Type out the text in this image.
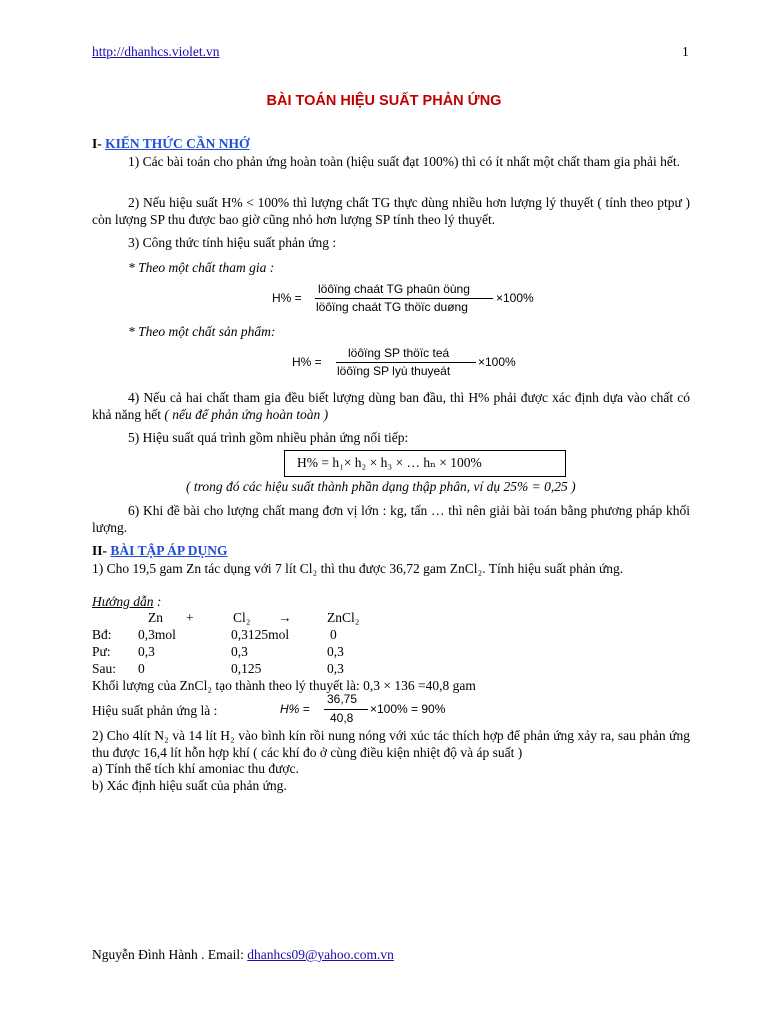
http://dhanhcs.violet.vn	1
BÀI TOÁN HIỆU SUẤT PHẢN ỨNG
I- KIẾN THỨC CẦN NHỚ
1) Các bài toán cho phản ứng hoàn toàn (hiệu suất đạt 100%) thì có ít nhất một chất tham gia phải hết.
2) Nếu hiệu suất H% < 100% thì lượng chất TG thực dùng nhiều hơn lượng lý thuyết ( tính theo ptpư ) còn lượng SP thu được bao giờ cũng nhỏ hơn lượng SP tính theo lý thuyết.
3) Công thức tính hiệu suất phản ứng :
* Theo một chất tham gia :
H% =
löôïng chaát TG phaûn öùng
löôïng chaát TG thöïc duøng
×100%
* Theo một chất sản phẩm:
H% =
löôïng SP thöïc teá
löôïng SP lyù thuyeát
×100%
4) Nếu cả hai chất tham gia đều biết lượng dùng ban đầu, thì H% phải được xác định dựa vào chất có khả năng hết ( nếu để phản ứng hoàn toàn )
5) Hiệu suất quá trình gồm nhiều phản ứng nối tiếp:
H% = h₁× h₂ × h₃ × … hₙ × 100%
( trong đó các hiệu suất thành phần dạng thập phân, ví dụ 25% = 0,25 )
6) Khi đề bài cho lượng chất mang đơn vị lớn : kg, tấn … thì nên giải bài toán bằng phương pháp khối lượng.
II- BÀI TẬP ÁP DỤNG
1) Cho 19,5 gam Zn tác dụng với 7 lít Cl₂ thì thu được 36,72 gam ZnCl₂. Tính hiệu suất phản ứng.
Hướng dẫn :
Zn +	Cl₂ →	ZnCl₂
Bđ: 0,3mol	0,3125mol	0
Pư: 0,3	0,3	0,3
Sau: 0	0,125	0,3
Khối lượng của ZnCl₂ tạo thành theo lý thuyết là: 0,3 × 136 =40,8 gam
Hiệu suất phản ứng là :	H% =
36,75
40,8
×100% = 90%
2) Cho 4lít N₂ và 14 lít H₂ vào bình kín rồi nung nóng với xúc tác thích hợp để phản ứng xảy ra, sau phản ứng thu được 16,4 lít hỗn hợp khí ( các khí đo ở cùng điều kiện nhiệt độ và áp suất )
a) Tính thể tích khí amoniac thu được.
b) Xác định hiệu suất của phản ứng.
Nguyễn Đình Hành . Email: dhanhcs09@yahoo.com.vn
